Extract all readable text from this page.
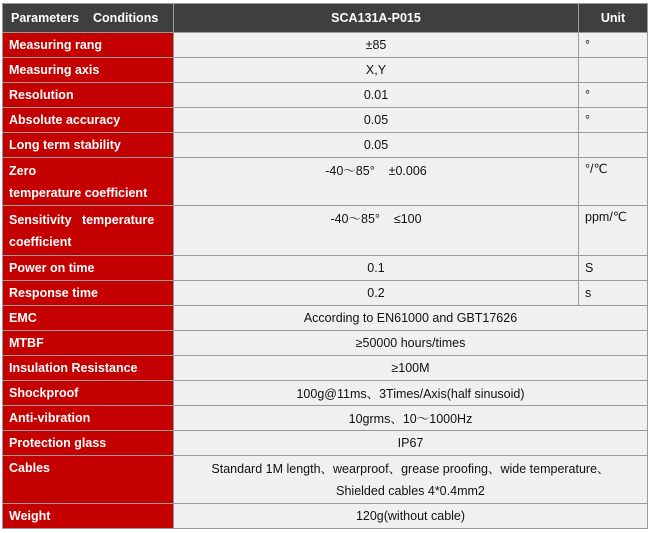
Parameters Conditions	SCA131A-P015	Unit
Measuring rang	±85	°
Measuring axis	X,Y	
Resolution	0.01	°
Absolute accuracy	0.05	°
Long term stability	0.05	

Zero
temperature coefficient	-40～85° ±0.006	°/℃

Sensitivity   temperature
coefficient	-40～85° ≤100	ppm/℃
Power on time	0.1	S
Response time	0.2	s
EMC	According to EN61000 and GBT17626	
MTBF	≥50000 hours/times	
Insulation Resistance	≥100M	
Shockproof	100g@11ms、3Times/Axis(half sinusoid)	
Anti-vibration	10grms、10～1000Hz	
Protection glass	IP67	
Cables	Standard 1M length、wearproof、grease proofing、wide temperature、
Shielded cables 4*0.4mm2	

Weight	120g(without cable)	
